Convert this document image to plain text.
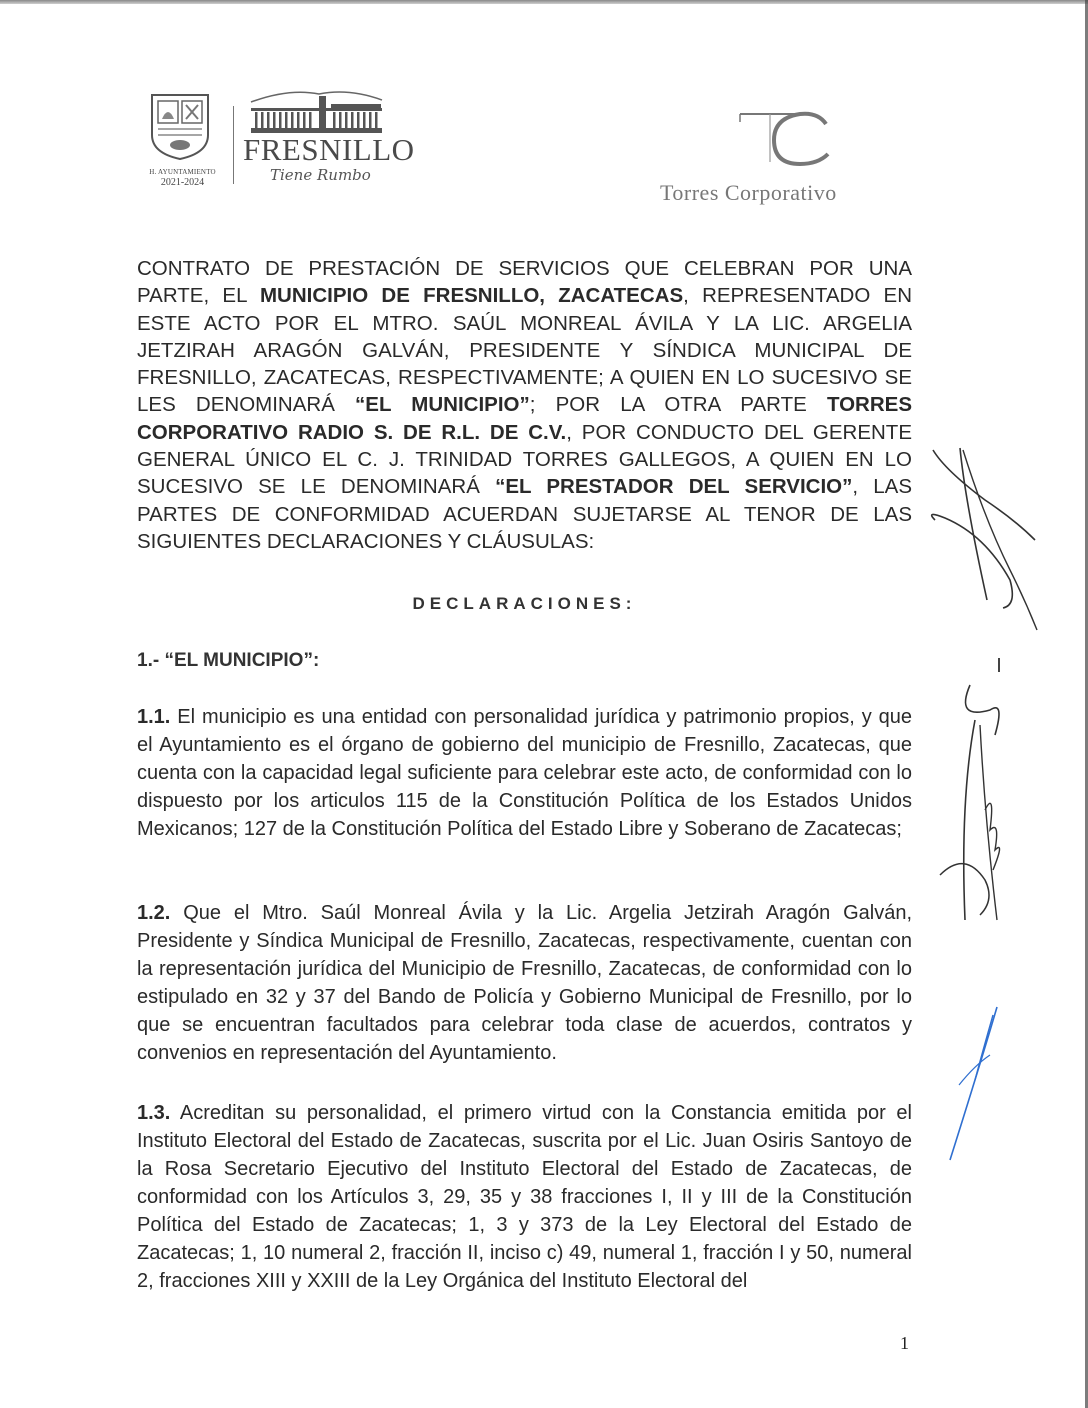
H. AYUNTAMIENTO
2021-2024
FRESNILLO
Tiene Rumbo
Torres Corporativo
CONTRATO DE PRESTACIÓN DE SERVICIOS QUE CELEBRAN POR UNA PARTE, EL MUNICIPIO DE FRESNILLO, ZACATECAS, REPRESENTADO EN ESTE ACTO POR EL MTRO. SAÚL MONREAL ÁVILA Y LA LIC. ARGELIA JETZIRAH ARAGÓN GALVÁN, PRESIDENTE Y SÍNDICA MUNICIPAL DE FRESNILLO, ZACATECAS, RESPECTIVAMENTE; A QUIEN EN LO SUCESIVO SE LES DENOMINARÁ “EL MUNICIPIO”; POR LA OTRA PARTE TORRES CORPORATIVO RADIO S. DE R.L. DE C.V., POR CONDUCTO DEL GERENTE GENERAL ÚNICO EL C. J. TRINIDAD TORRES GALLEGOS, A QUIEN EN LO SUCESIVO SE LE DENOMINARÁ “EL PRESTADOR DEL SERVICIO”, LAS PARTES DE CONFORMIDAD ACUERDAN SUJETARSE AL TENOR DE LAS SIGUIENTES DECLARACIONES Y CLÁUSULAS:
DECLARACIONES:
1.- “EL MUNICIPIO”:
1.1. El municipio es una entidad con personalidad jurídica y patrimonio propios, y que el Ayuntamiento es el órgano de gobierno del municipio de Fresnillo, Zacatecas, que cuenta con la capacidad legal suficiente para celebrar este acto, de conformidad con lo dispuesto por los articulos 115 de la Constitución Política de los Estados Unidos Mexicanos; 127 de la Constitución Política del Estado Libre y Soberano de Zacatecas;
1.2. Que el Mtro. Saúl Monreal Ávila y la Lic. Argelia Jetzirah Aragón Galván, Presidente y Síndica Municipal de Fresnillo, Zacatecas, respectivamente, cuentan con la representación jurídica del Municipio de Fresnillo, Zacatecas, de conformidad con lo estipulado en 32 y 37 del Bando de Policía y Gobierno Municipal de Fresnillo, por lo que se encuentran facultados para celebrar toda clase de acuerdos, contratos y convenios en representación del Ayuntamiento.
1.3. Acreditan su personalidad, el primero virtud con la Constancia emitida por el Instituto Electoral del Estado de Zacatecas, suscrita por el Lic. Juan Osiris Santoyo de la Rosa Secretario Ejecutivo del Instituto Electoral del Estado de Zacatecas, de conformidad con los Artículos 3, 29, 35 y 38 fracciones I, II y III de la Constitución Política del Estado de Zacatecas; 1, 3 y 373 de la Ley Electoral del Estado de Zacatecas; 1, 10 numeral 2, fracción II, inciso c) 49, numeral 1, fracción I y 50, numeral 2, fracciones XIII y XXIII de la Ley Orgánica del Instituto Electoral del
1
